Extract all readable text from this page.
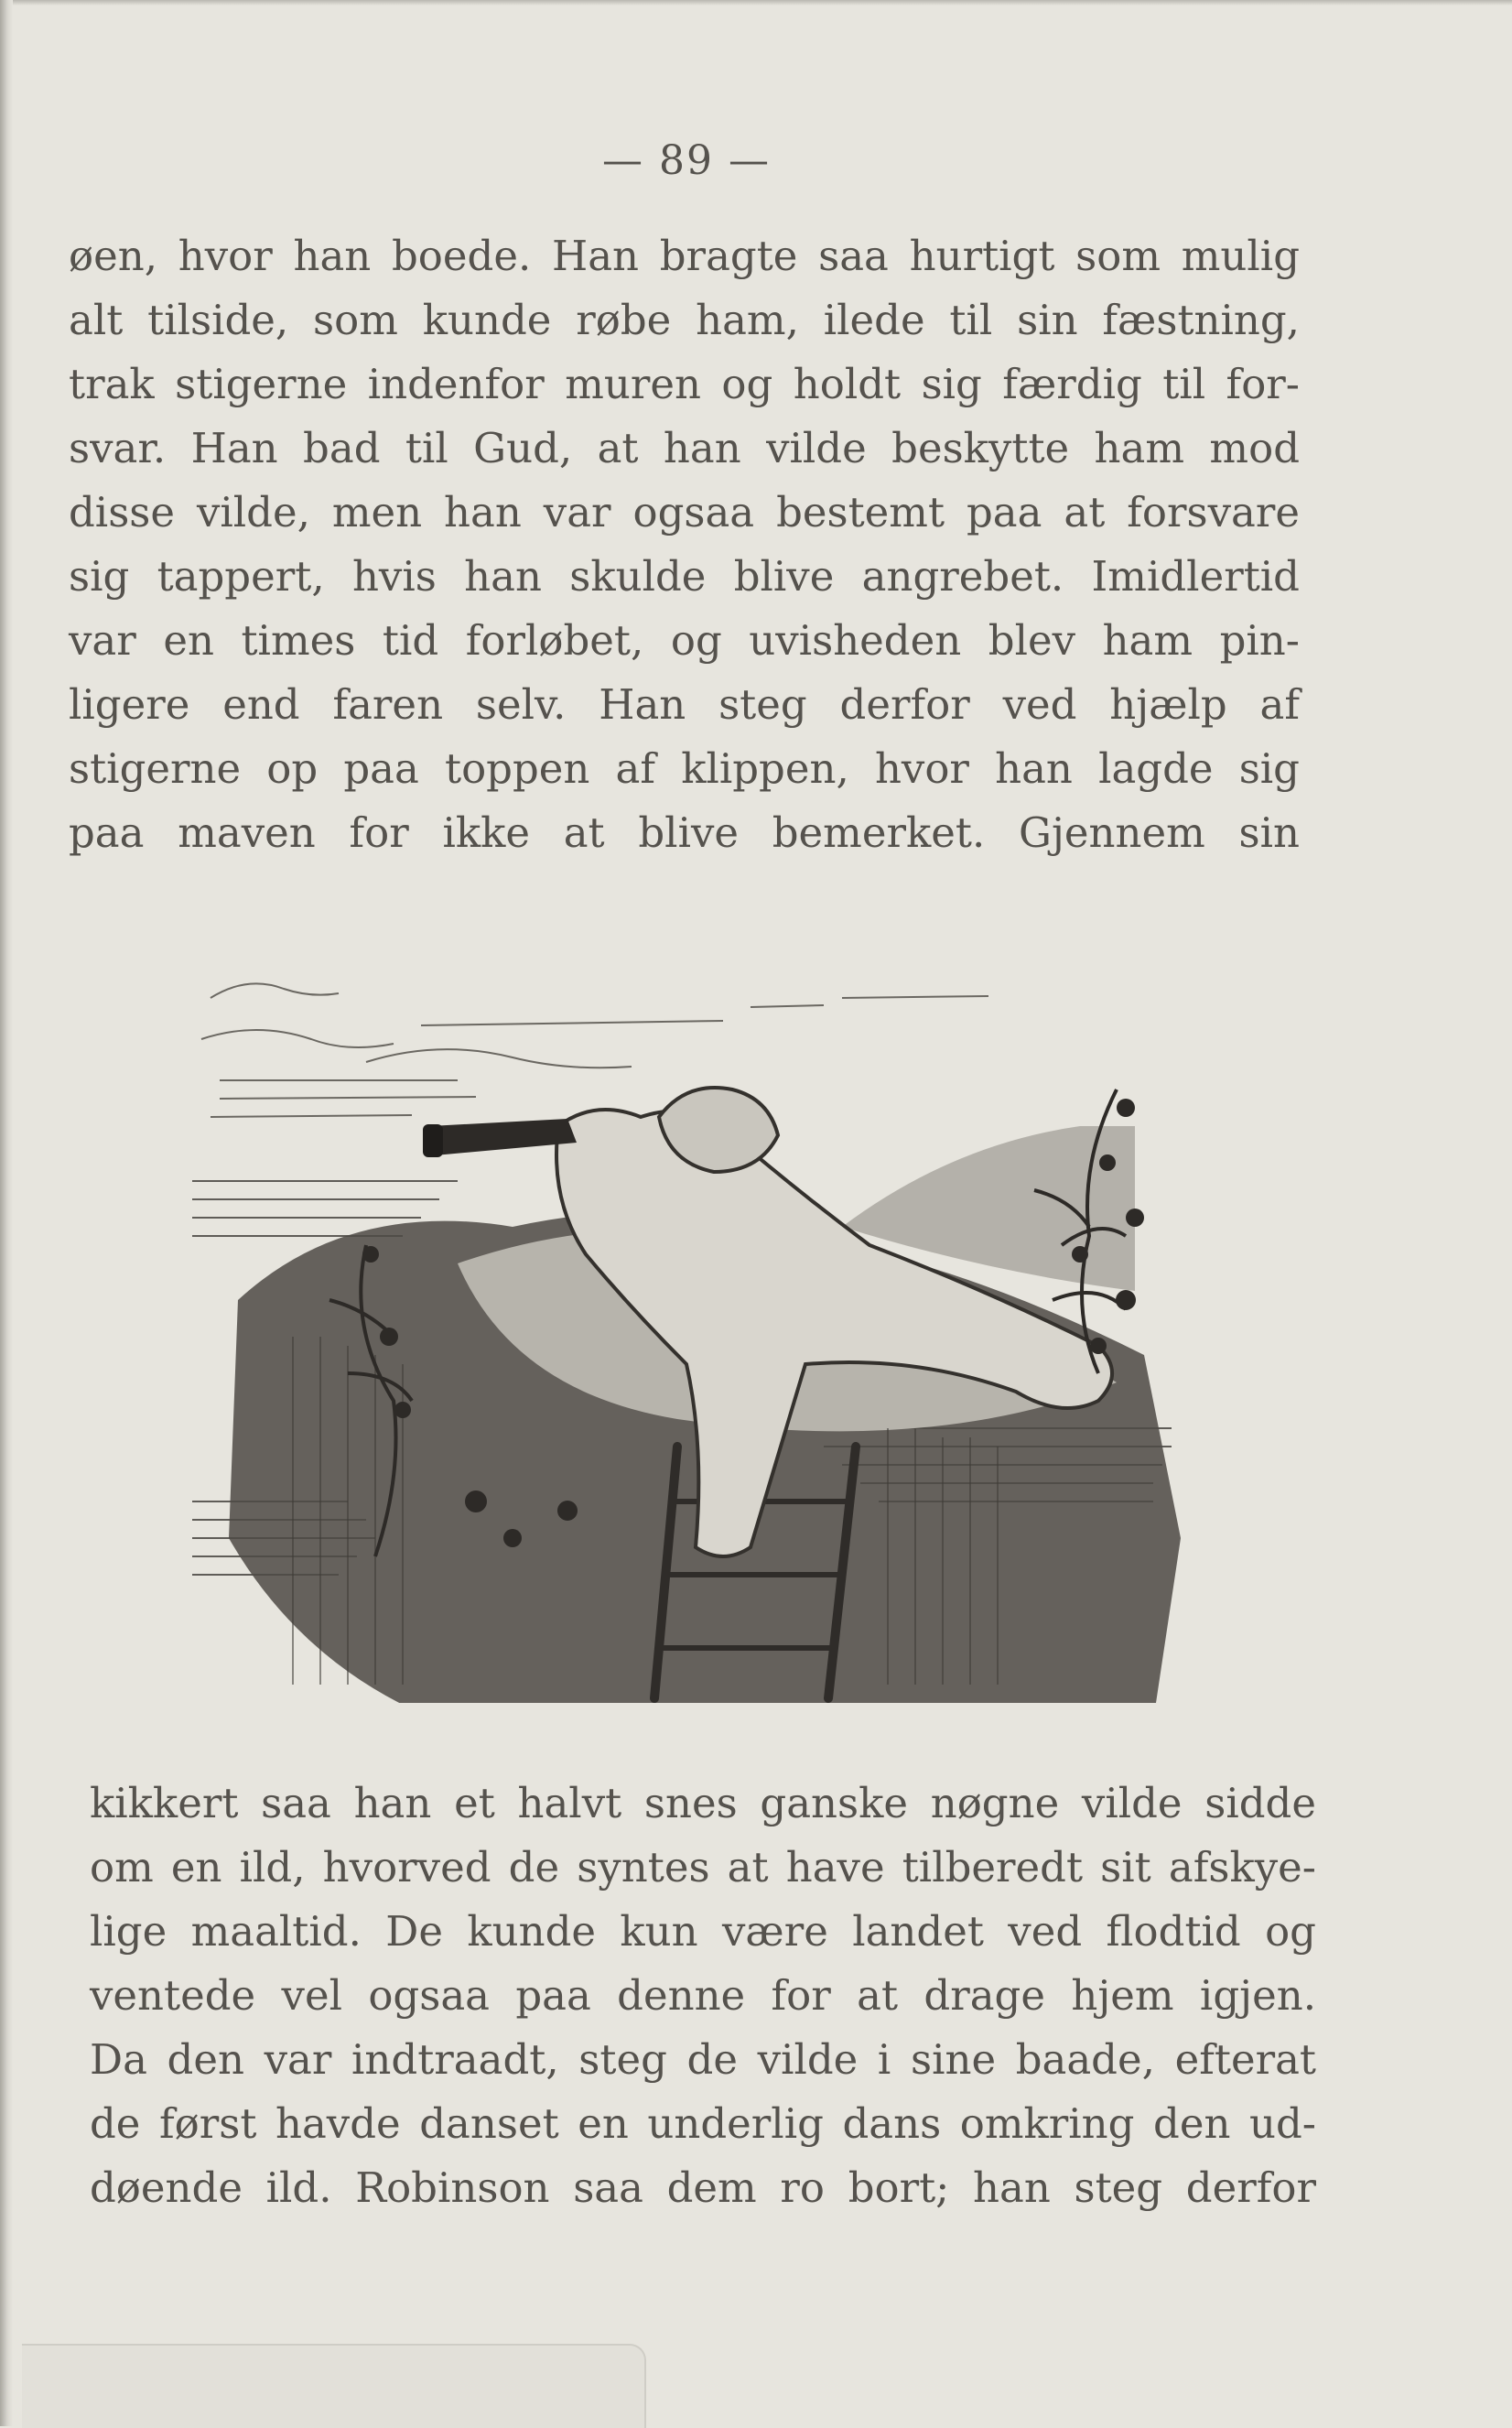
— 89 —
øen, hvor han boede. Han bragte saa hurtigt som mulig
alt tilside, som kunde røbe ham, ilede til sin fæstning,
trak stigerne indenfor muren og holdt sig færdig til for-
svar. Han bad til Gud, at han vilde beskytte ham mod
disse vilde, men han var ogsaa bestemt paa at forsvare
sig tappert, hvis han skulde blive angrebet. Imidlertid
var en times tid forløbet, og uvisheden blev ham pin-
ligere end faren selv. Han steg derfor ved hjælp af
stigerne op paa toppen af klippen, hvor han lagde sig
paa maven for ikke at blive bemerket. Gjennem sin
kikkert saa han et halvt snes ganske nøgne vilde sidde
om en ild, hvorved de syntes at have tilberedt sit afskye-
lige maaltid. De kunde kun være landet ved flodtid og
ventede vel ogsaa paa denne for at drage hjem igjen.
Da den var indtraadt, steg de vilde i sine baade, efterat
de først havde danset en underlig dans omkring den ud-
døende ild. Robinson saa dem ro bort; han steg derfor
